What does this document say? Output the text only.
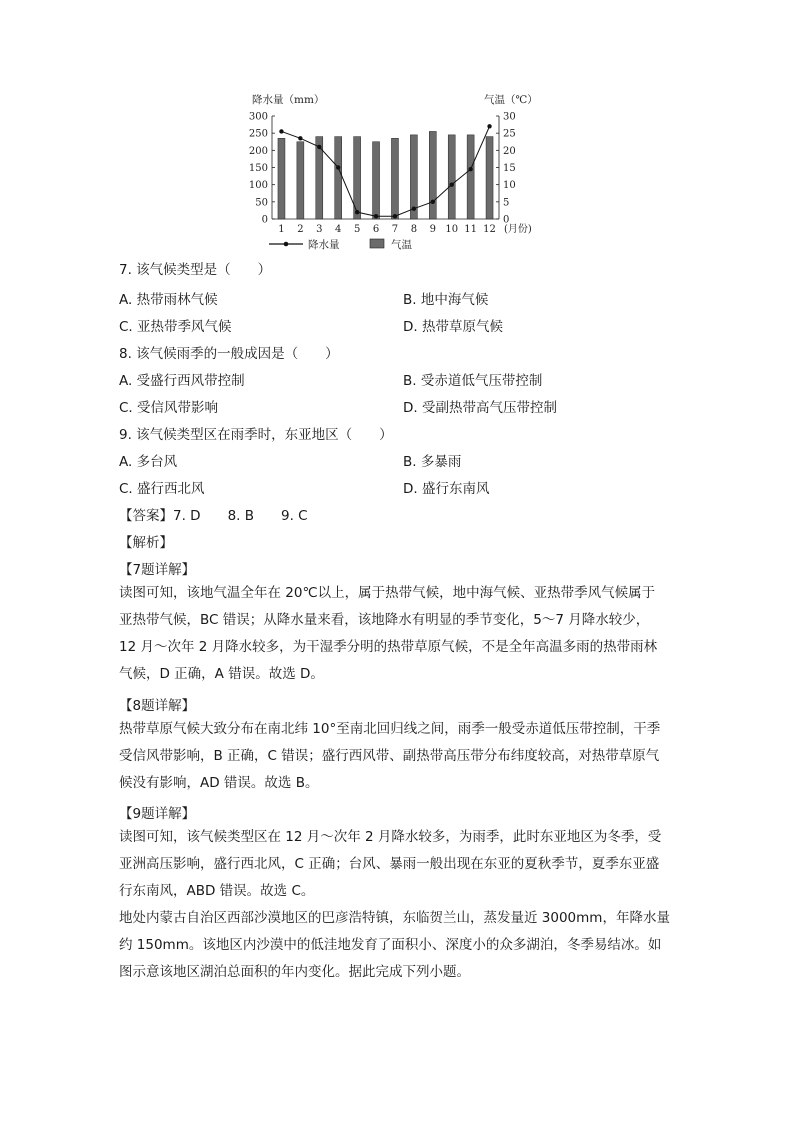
降水量（mm）	气温（℃）
0
50
100
150
200
250
300
0
5
10
15
20
25
30
1 2 3 4 5 6 7 8 9 10 11 12 (月份)
降水量	气温
7. 该气候类型是（　　）
A. 热带雨林气候	B. 地中海气候
C. 亚热带季风气候	D. 热带草原气候
8. 该气候雨季的一般成因是（　　）
A. 受盛行西风带控制	B. 受赤道低气压带控制
C. 受信风带影响	D. 受副热带高气压带控制
9. 该气候类型区在雨季时，东亚地区（　　）
A. 多台风	B. 多暴雨
C. 盛行西北风	D. 盛行东南风
【答案】7. D　　8. B　　9. C
【解析】
【7题详解】
读图可知，该地气温全年在 20℃以上，属于热带气候，地中海气候、亚热带季风气候属于
亚热带气候，BC 错误；从降水量来看，该地降水有明显的季节变化，5～7 月降水较少，
12 月～次年 2 月降水较多，为干湿季分明的热带草原气候，不是全年高温多雨的热带雨林
气候，D 正确，A 错误。故选 D。
【8题详解】
热带草原气候大致分布在南北纬 10°至南北回归线之间，雨季一般受赤道低压带控制，干季
受信风带影响，B 正确，C 错误；盛行西风带、副热带高压带分布纬度较高，对热带草原气
候没有影响，AD 错误。故选 B。
【9题详解】
读图可知，该气候类型区在 12 月～次年 2 月降水较多，为雨季，此时东亚地区为冬季，受
亚洲高压影响，盛行西北风，C 正确；台风、暴雨一般出现在东亚的夏秋季节，夏季东亚盛
行东南风，ABD 错误。故选 C。
地处内蒙古自治区西部沙漠地区的巴彦浩特镇，东临贺兰山，蒸发量近 3000mm，年降水量
约 150mm。该地区内沙漠中的低洼地发育了面积小、深度小的众多湖泊，冬季易结冰。如
图示意该地区湖泊总面积的年内变化。据此完成下列小题。
